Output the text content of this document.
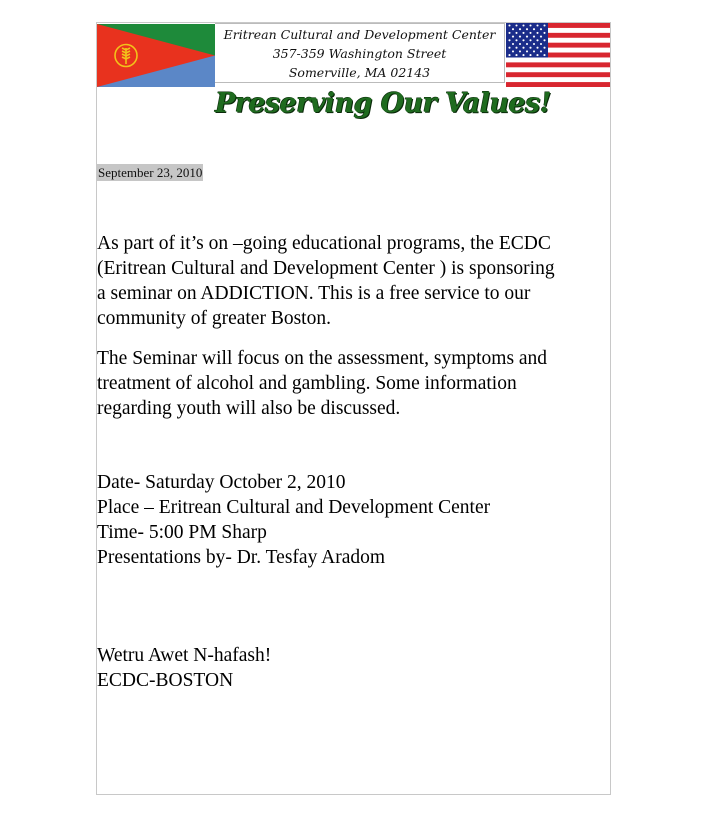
Eritrean Cultural and Development Center
357-359 Washington Street
Somerville, MA 02143
Preserving Our Values!
September 23, 2010
As part of it’s on –going educational programs, the ECDC
(Eritrean Cultural and Development Center ) is sponsoring
a seminar on ADDICTION. This is a free service to our
community of greater Boston.
The Seminar will focus on the assessment, symptoms and
treatment of alcohol and gambling. Some information
regarding youth will also be discussed.
Date- Saturday October 2, 2010
Place – Eritrean Cultural and Development Center
Time- 5:00 PM Sharp
Presentations by- Dr. Tesfay Aradom
Wetru Awet N-hafash!
ECDC-BOSTON
